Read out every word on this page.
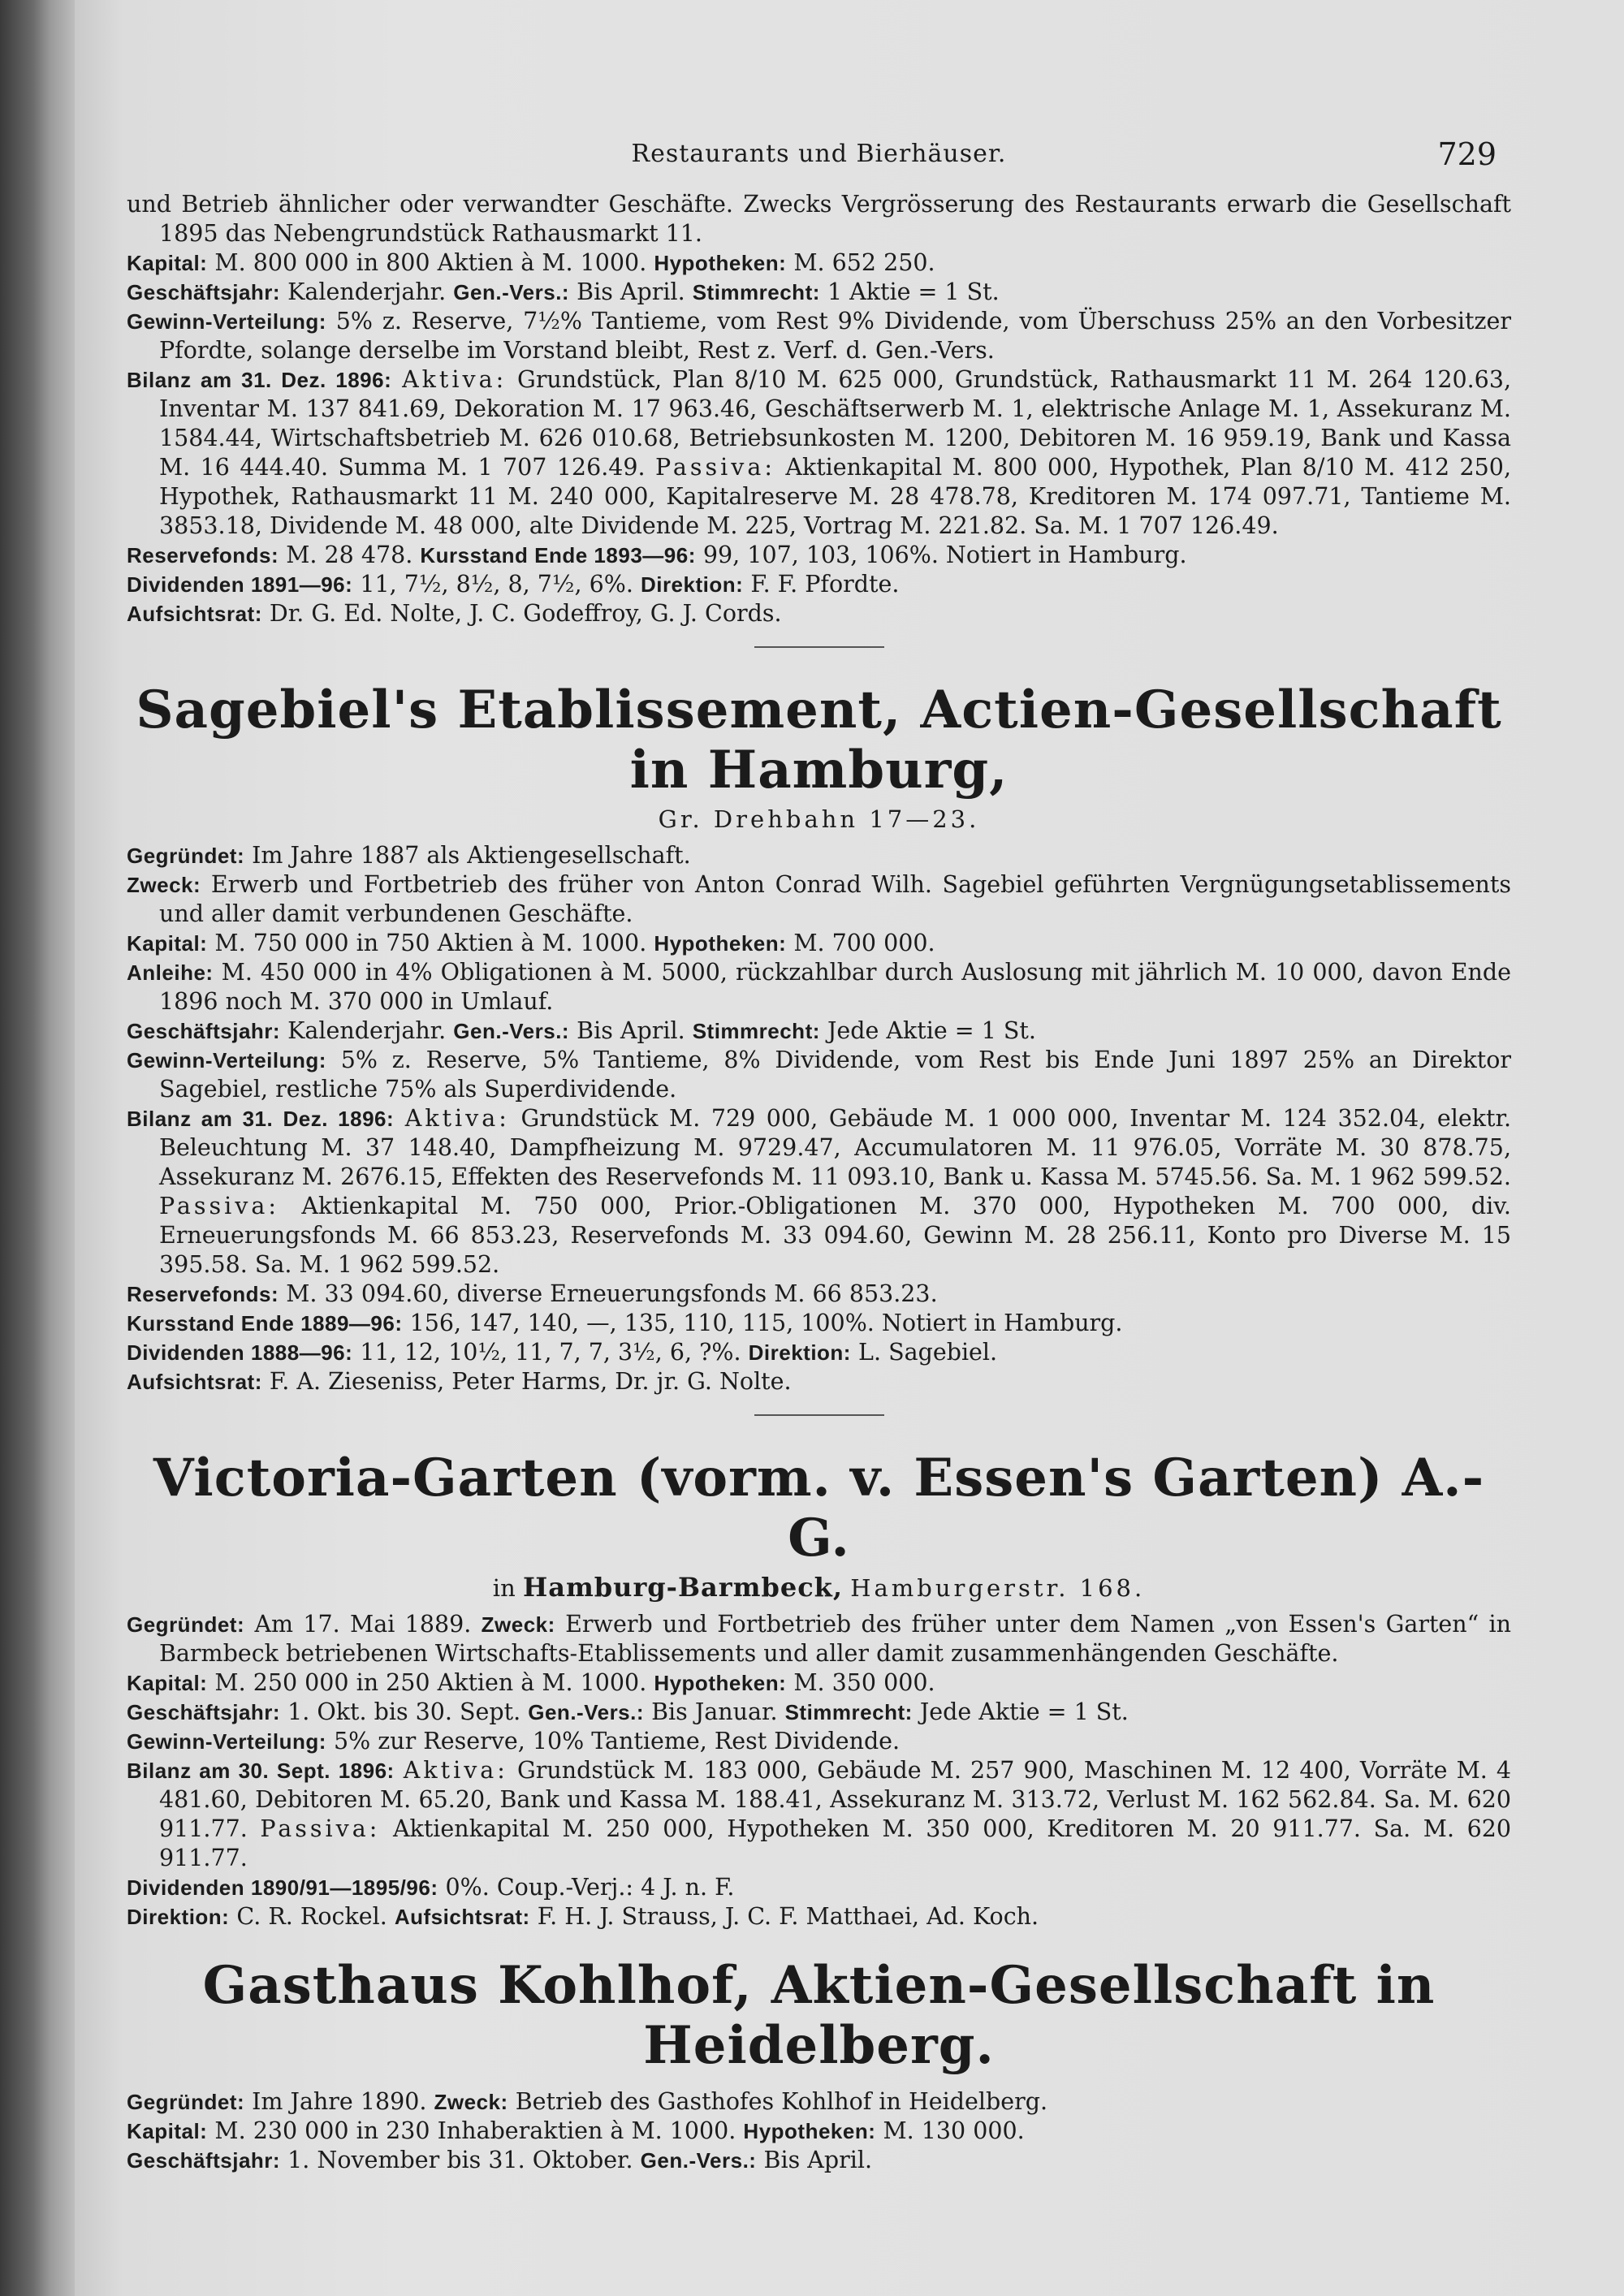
Restaurants und Bierhäuser.	729

und Betrieb ähnlicher oder verwandter Geschäfte. Zwecks Vergrösserung des Restaurants erwarb die Gesellschaft 1895 das Nebengrundstück Rathausmarkt 11.

Kapital: M. 800 000 in 800 Aktien à M. 1000. Hypotheken: M. 652 250.

Geschäftsjahr: Kalenderjahr. Gen.-Vers.: Bis April. Stimmrecht: 1 Aktie = 1 St.

Gewinn-Verteilung: 5% z. Reserve, 7½% Tantieme, vom Rest 9% Dividende, vom Überschuss 25% an den Vorbesitzer Pfordte, solange derselbe im Vorstand bleibt, Rest z. Verf. d. Gen.-Vers.

Bilanz am 31. Dez. 1896: Aktiva: Grundstück, Plan 8/10 M. 625 000, Grundstück, Rathausmarkt 11 M. 264 120.63, Inventar M. 137 841.69, Dekoration M. 17 963.46, Geschäftserwerb M. 1, elektrische Anlage M. 1, Assekuranz M. 1584.44, Wirtschaftsbetrieb M. 626 010.68, Betriebsunkosten M. 1200, Debitoren M. 16 959.19, Bank und Kassa M. 16 444.40. Summa M. 1 707 126.49. Passiva: Aktienkapital M. 800 000, Hypothek, Plan 8/10 M. 412 250, Hypothek, Rathausmarkt 11 M. 240 000, Kapitalreserve M. 28 478.78, Kreditoren M. 174 097.71, Tantieme M. 3853.18, Dividende M. 48 000, alte Dividende M. 225, Vortrag M. 221.82. Sa. M. 1 707 126.49.

Reservefonds: M. 28 478. Kursstand Ende 1893—96: 99, 107, 103, 106%. Notiert in Hamburg.

Dividenden 1891—96: 11, 7½, 8½, 8, 7½, 6%. Direktion: F. F. Pfordte.

Aufsichtsrat: Dr. G. Ed. Nolte, J. C. Godeffroy, G. J. Cords.

Sagebiel's Etablissement, Actien-Gesellschaft in Hamburg,
Gr. Drehbahn 17—23.

Gegründet: Im Jahre 1887 als Aktiengesellschaft.

Zweck: Erwerb und Fortbetrieb des früher von Anton Conrad Wilh. Sagebiel geführten Vergnügungsetablissements und aller damit verbundenen Geschäfte.

Kapital: M. 750 000 in 750 Aktien à M. 1000. Hypotheken: M. 700 000.

Anleihe: M. 450 000 in 4% Obligationen à M. 5000, rückzahlbar durch Auslosung mit jährlich M. 10 000, davon Ende 1896 noch M. 370 000 in Umlauf.

Geschäftsjahr: Kalenderjahr. Gen.-Vers.: Bis April. Stimmrecht: Jede Aktie = 1 St.

Gewinn-Verteilung: 5% z. Reserve, 5% Tantieme, 8% Dividende, vom Rest bis Ende Juni 1897 25% an Direktor Sagebiel, restliche 75% als Superdividende.

Bilanz am 31. Dez. 1896: Aktiva: Grundstück M. 729 000, Gebäude M. 1 000 000, Inventar M. 124 352.04, elektr. Beleuchtung M. 37 148.40, Dampfheizung M. 9729.47, Accumulatoren M. 11 976.05, Vorräte M. 30 878.75, Assekuranz M. 2676.15, Effekten des Reservefonds M. 11 093.10, Bank u. Kassa M. 5745.56. Sa. M. 1 962 599.52. Passiva: Aktienkapital M. 750 000, Prior.-Obligationen M. 370 000, Hypotheken M. 700 000, div. Erneuerungsfonds M. 66 853.23, Reservefonds M. 33 094.60, Gewinn M. 28 256.11, Konto pro Diverse M. 15 395.58. Sa. M. 1 962 599.52.

Reservefonds: M. 33 094.60, diverse Erneuerungsfonds M. 66 853.23.

Kursstand Ende 1889—96: 156, 147, 140, —, 135, 110, 115, 100%. Notiert in Hamburg.

Dividenden 1888—96: 11, 12, 10½, 11, 7, 7, 3½, 6, ?%. Direktion: L. Sagebiel.

Aufsichtsrat: F. A. Zieseniss, Peter Harms, Dr. jr. G. Nolte.

Victoria-Garten (vorm. v. Essen's Garten) A.-G.
in Hamburg-Barmbeck, Hamburgerstr. 168.

Gegründet: Am 17. Mai 1889. Zweck: Erwerb und Fortbetrieb des früher unter dem Namen „von Essen's Garten“ in Barmbeck betriebenen Wirtschafts-Etablissements und aller damit zusammenhängenden Geschäfte.

Kapital: M. 250 000 in 250 Aktien à M. 1000. Hypotheken: M. 350 000.

Geschäftsjahr: 1. Okt. bis 30. Sept. Gen.-Vers.: Bis Januar. Stimmrecht: Jede Aktie = 1 St.

Gewinn-Verteilung: 5% zur Reserve, 10% Tantieme, Rest Dividende.

Bilanz am 30. Sept. 1896: Aktiva: Grundstück M. 183 000, Gebäude M. 257 900, Maschinen M. 12 400, Vorräte M. 4 481.60, Debitoren M. 65.20, Bank und Kassa M. 188.41, Assekuranz M. 313.72, Verlust M. 162 562.84. Sa. M. 620 911.77. Passiva: Aktienkapital M. 250 000, Hypotheken M. 350 000, Kreditoren M. 20 911.77. Sa. M. 620 911.77.

Dividenden 1890/91—1895/96: 0%. Coup.-Verj.: 4 J. n. F.

Direktion: C. R. Rockel. Aufsichtsrat: F. H. J. Strauss, J. C. F. Matthaei, Ad. Koch.

Gasthaus Kohlhof, Aktien-Gesellschaft in Heidelberg.

Gegründet: Im Jahre 1890. Zweck: Betrieb des Gasthofes Kohlhof in Heidelberg.

Kapital: M. 230 000 in 230 Inhaberaktien à M. 1000. Hypotheken: M. 130 000.

Geschäftsjahr: 1. November bis 31. Oktober. Gen.-Vers.: Bis April.
